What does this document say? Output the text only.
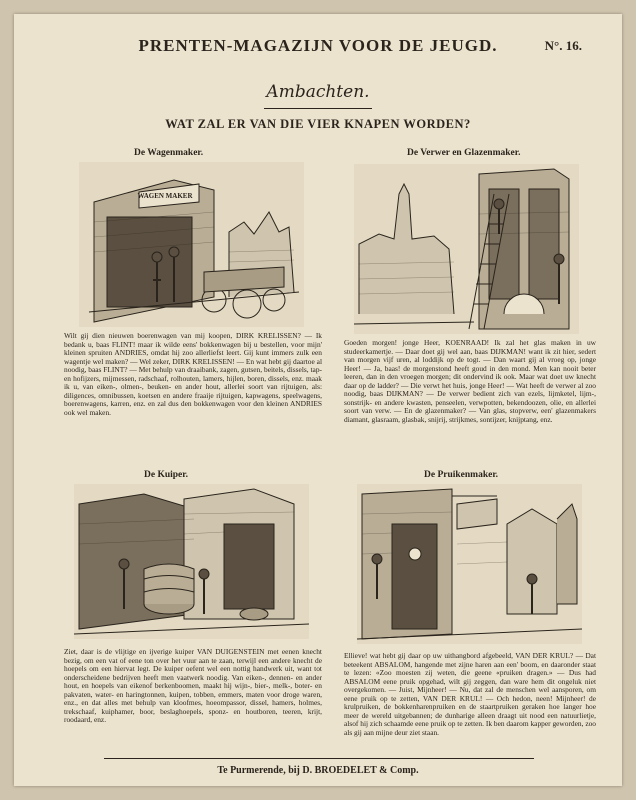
PRENTEN-MAGAZIJN VOOR DE JEUGD.	N°. 16.
Ambachten.
WAT ZAL ER VAN DIE VIER KNAPEN WORDEN?
De Wagenmaker.
WAGEN MAKER

Wilt gij dien nieuwen boerenwagen van mij koopen, DIRK KRELISSEN? — Ik bedank u, baas FLINT! maar ik wilde eens' bokkenwagen bij u bestellen, voor mijn' kleinen spruiten ANDRIES, omdat hij zoo allerliefst leert. Gij kunt immers zulk een wagentje wel maken? — Wel zeker, DIRK KRELISSEN! — En wat hebt gij daartoe al noodig, baas FLINT? — Met behulp van draaibank, zagen, gutsen, beitels, dissels, tap- en hofijzers, mijmessen, radschaaf, rolhouten, lamers, hijlen, boren, dissels, enz. maak ik u, van eiken-, olmen-, beuken- en ander hout, allerlei soort van rijtuigen, als: diligences, omnibussen, koetsen en andere fraaije rijtuigen, kapwagens, speelwagens, boerenwagens, karren, enz. en zal dus den bokkenwagen voor den kleinen ANDRIES ook wel maken.

De Verwer en Glazenmaker.

Goeden morgen! jonge Heer, KOENRAAD! Ik zal het glas maken in uw studeerkamertje. — Daar doet gij wel aan, baas DIJKMAN! want ik zit hier, sedert van morgen vijf uren, al loddijk op de togt. — Dan waart gij al vroeg op, jonge Heer! — Ja, baas! de morgenstond heeft goud in den mond. Men kan nooit beter leeren, dan in den vroegen morgen; dit ondervind ik ook. Maar wat doet uw knecht daar op de ladder? — Die verwt het huis, jonge Heer! — Wat heeft de verwer al zoo noodig, baas DIJKMAN? — De verwer bedient zich van ezels, lijmketel, lijm-, sonstrijk- en andere kwasten, penseelen, verwpotten, bekendoozen, olie, en allerlei soort van verw. — En de glazenmaker? — Van glas, stopverw, een' glazenmakers diamant, glasraam, glasbak, snijrij, strijkmes, sontijzer, knijptang, enz.

De Kuiper.

Ziet, daar is de vlijtige en ijverige kuiper VAN DUIGENSTEIN met eenen knecht bezig, om een vat of eene ton over het vuur aan te zaan, terwijl een andere knecht de hoepels om een hiervat legt. De kuiper oefent wel een nottig handwerk uit, want tot onderscheidene bedrijven heeft men vaatwerk noodig. Van eiken-, dennen- en ander hout, en hoepels van eikenof berkenboomen, maakt hij wijn-, bier-, melk-, boter- en pakvaten, water- en haringtonnen, kuipen, tobben, emmers, maten voor droge waren, enz., en dat alles met behulp van kloofmes, hoeompassor, dissel, hamers, holmes, trekschaaf, kuiphamer, boor, beslaghoepels, sponz- en houtboren, teeren, krijt, roodaard, enz.

De Pruikenmaker.

Ellieve! wat hebt gij daar op uw uithangbord afgebeeld, VAN DER KRUL? — Dat beteekent ABSALOM, hangende met zijne haren aan een' boom, en daaronder staat te lezen: «Zoo moesten zij weten, die geene «pruiken dragen.» — Dus had ABSALOM eene pruik opgehad, wilt gij zeggen, dan ware hem dit ongeluk niet overgekomen. — Juist, Mijnheer! — Nu, dat zal de menschen wel aansporen, om eene pruik op te zetten, VAN DER KRUL! — Och hedon, neen! Mijnheer! de krulpruiken, de bokkenharenpruiken en de staartpruiken geraken hoe langer hoe meer de wereld uitgebannen; de dunharige alleen draagt uit nood een natuurlietje, alsof hij zich schaamde eene pruik op te zetten. Ik ben daarom kapper geworden, zoo als gij aan mijne deur ziet staan.

Te Purmerende, bij D. BROEDELET & Comp.
